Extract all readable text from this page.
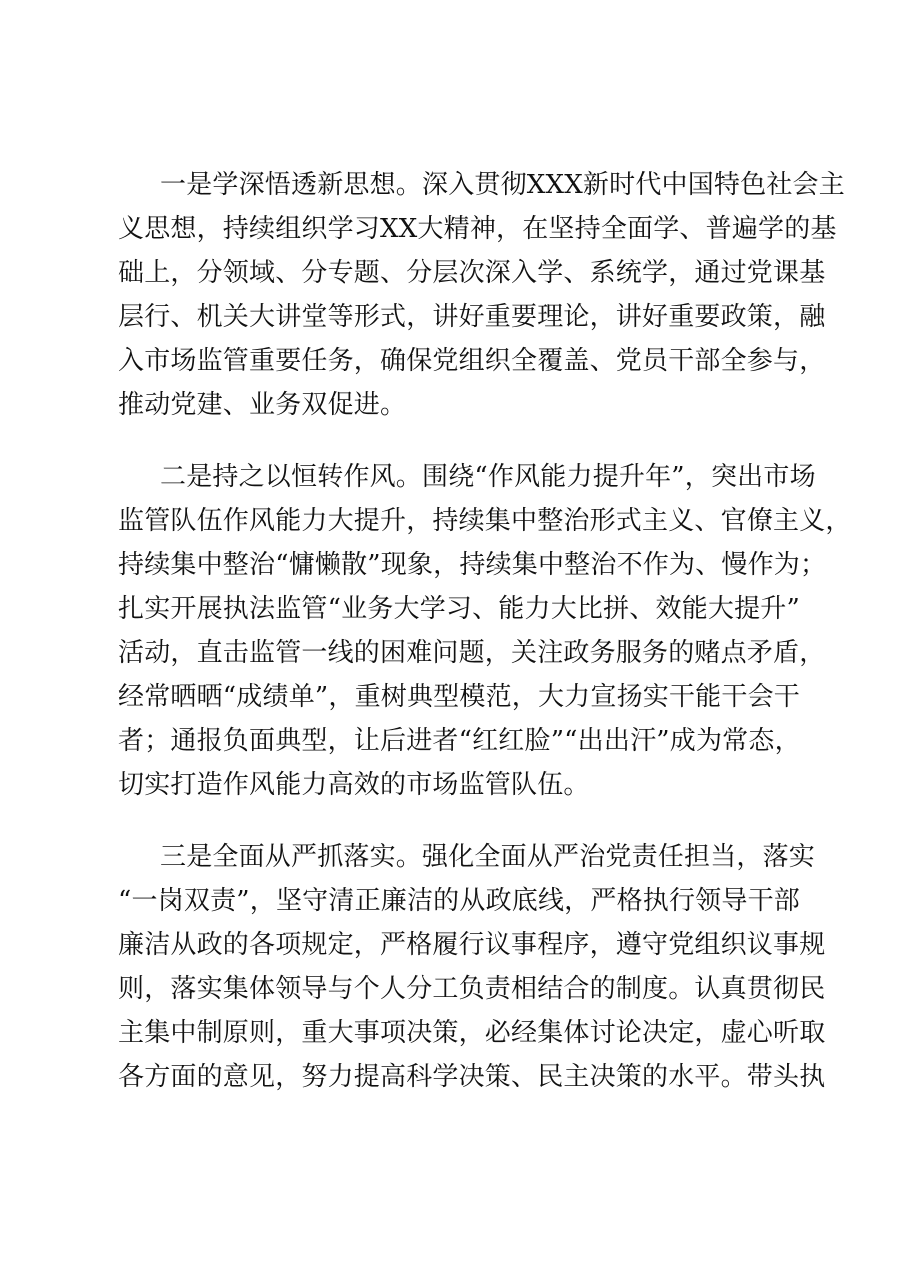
一是学深悟透新思想。深入贯彻XXX新时代中国特色社会主
义思想，持续组织学习XX大精神，在坚持全面学、普遍学的基
础上，分领域、分专题、分层次深入学、系统学，通过党课基
层行、机关大讲堂等形式，讲好重要理论，讲好重要政策，融
入市场监管重要任务，确保党组织全覆盖、党员干部全参与，
推动党建、业务双促进。
二是持之以恒转作风。围绕“作风能力提升年”，突出市场
监管队伍作风能力大提升，持续集中整治形式主义、官僚主义，
持续集中整治“慵懒散”现象，持续集中整治不作为、慢作为；
扎实开展执法监管“业务大学习、能力大比拼、效能大提升”
活动，直击监管一线的困难问题，关注政务服务的赌点矛盾，
经常晒晒“成绩单”，重树典型模范，大力宣扬实干能干会干
者；通报负面典型，让后进者“红红脸”“出出汗”成为常态，
切实打造作风能力高效的市场监管队伍。
三是全面从严抓落实。强化全面从严治党责任担当，落实
“一岗双责”，坚守清正廉洁的从政底线，严格执行领导干部
廉洁从政的各项规定，严格履行议事程序，遵守党组织议事规
则，落实集体领导与个人分工负责相结合的制度。认真贯彻民
主集中制原则，重大事项决策，必经集体讨论决定，虚心听取
各方面的意见，努力提高科学决策、民主决策的水平。带头执
